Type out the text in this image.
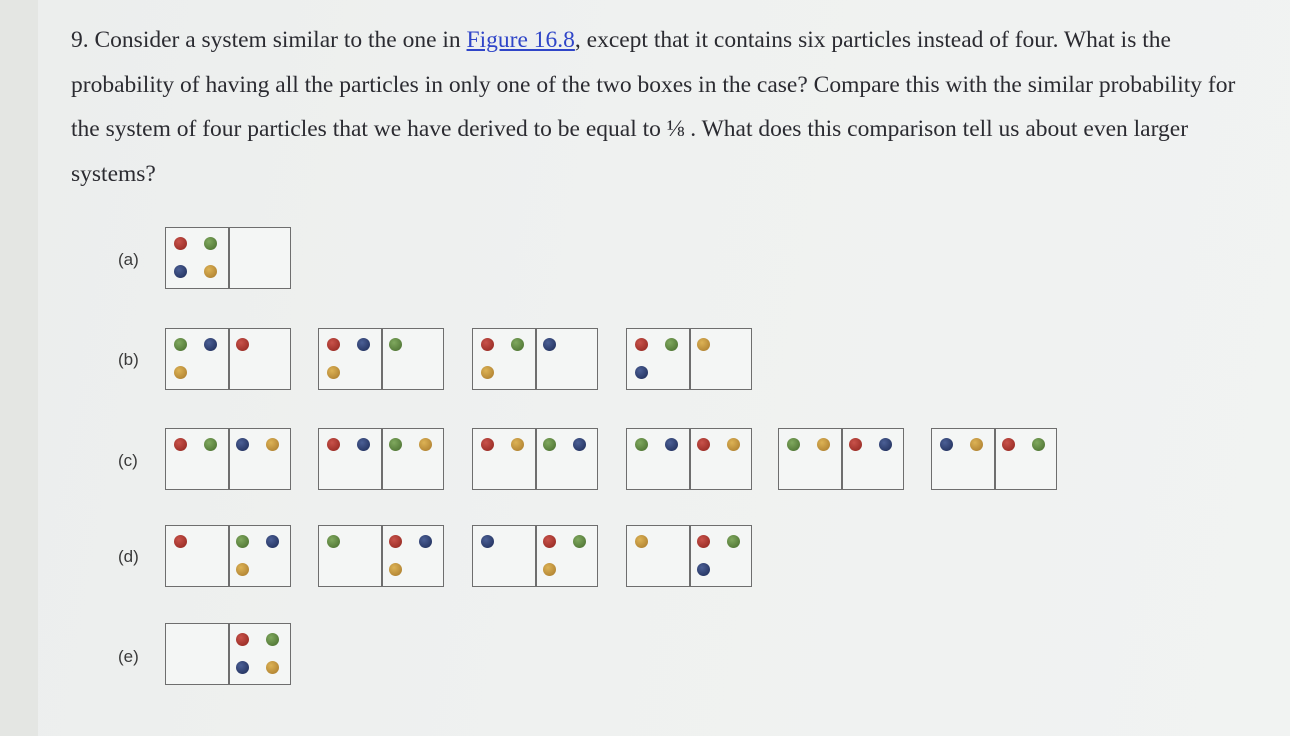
9. Consider a system similar to the one in Figure 16.8, except that it contains six particles instead of four. What is the probability of having all the particles in only one of the two boxes in the case? Compare this with the similar probability for the system of four particles that we have derived to be equal to ⅛ . What does this comparison tell us about even larger systems?

(a)
(b)
(c)
(d)
(e)
